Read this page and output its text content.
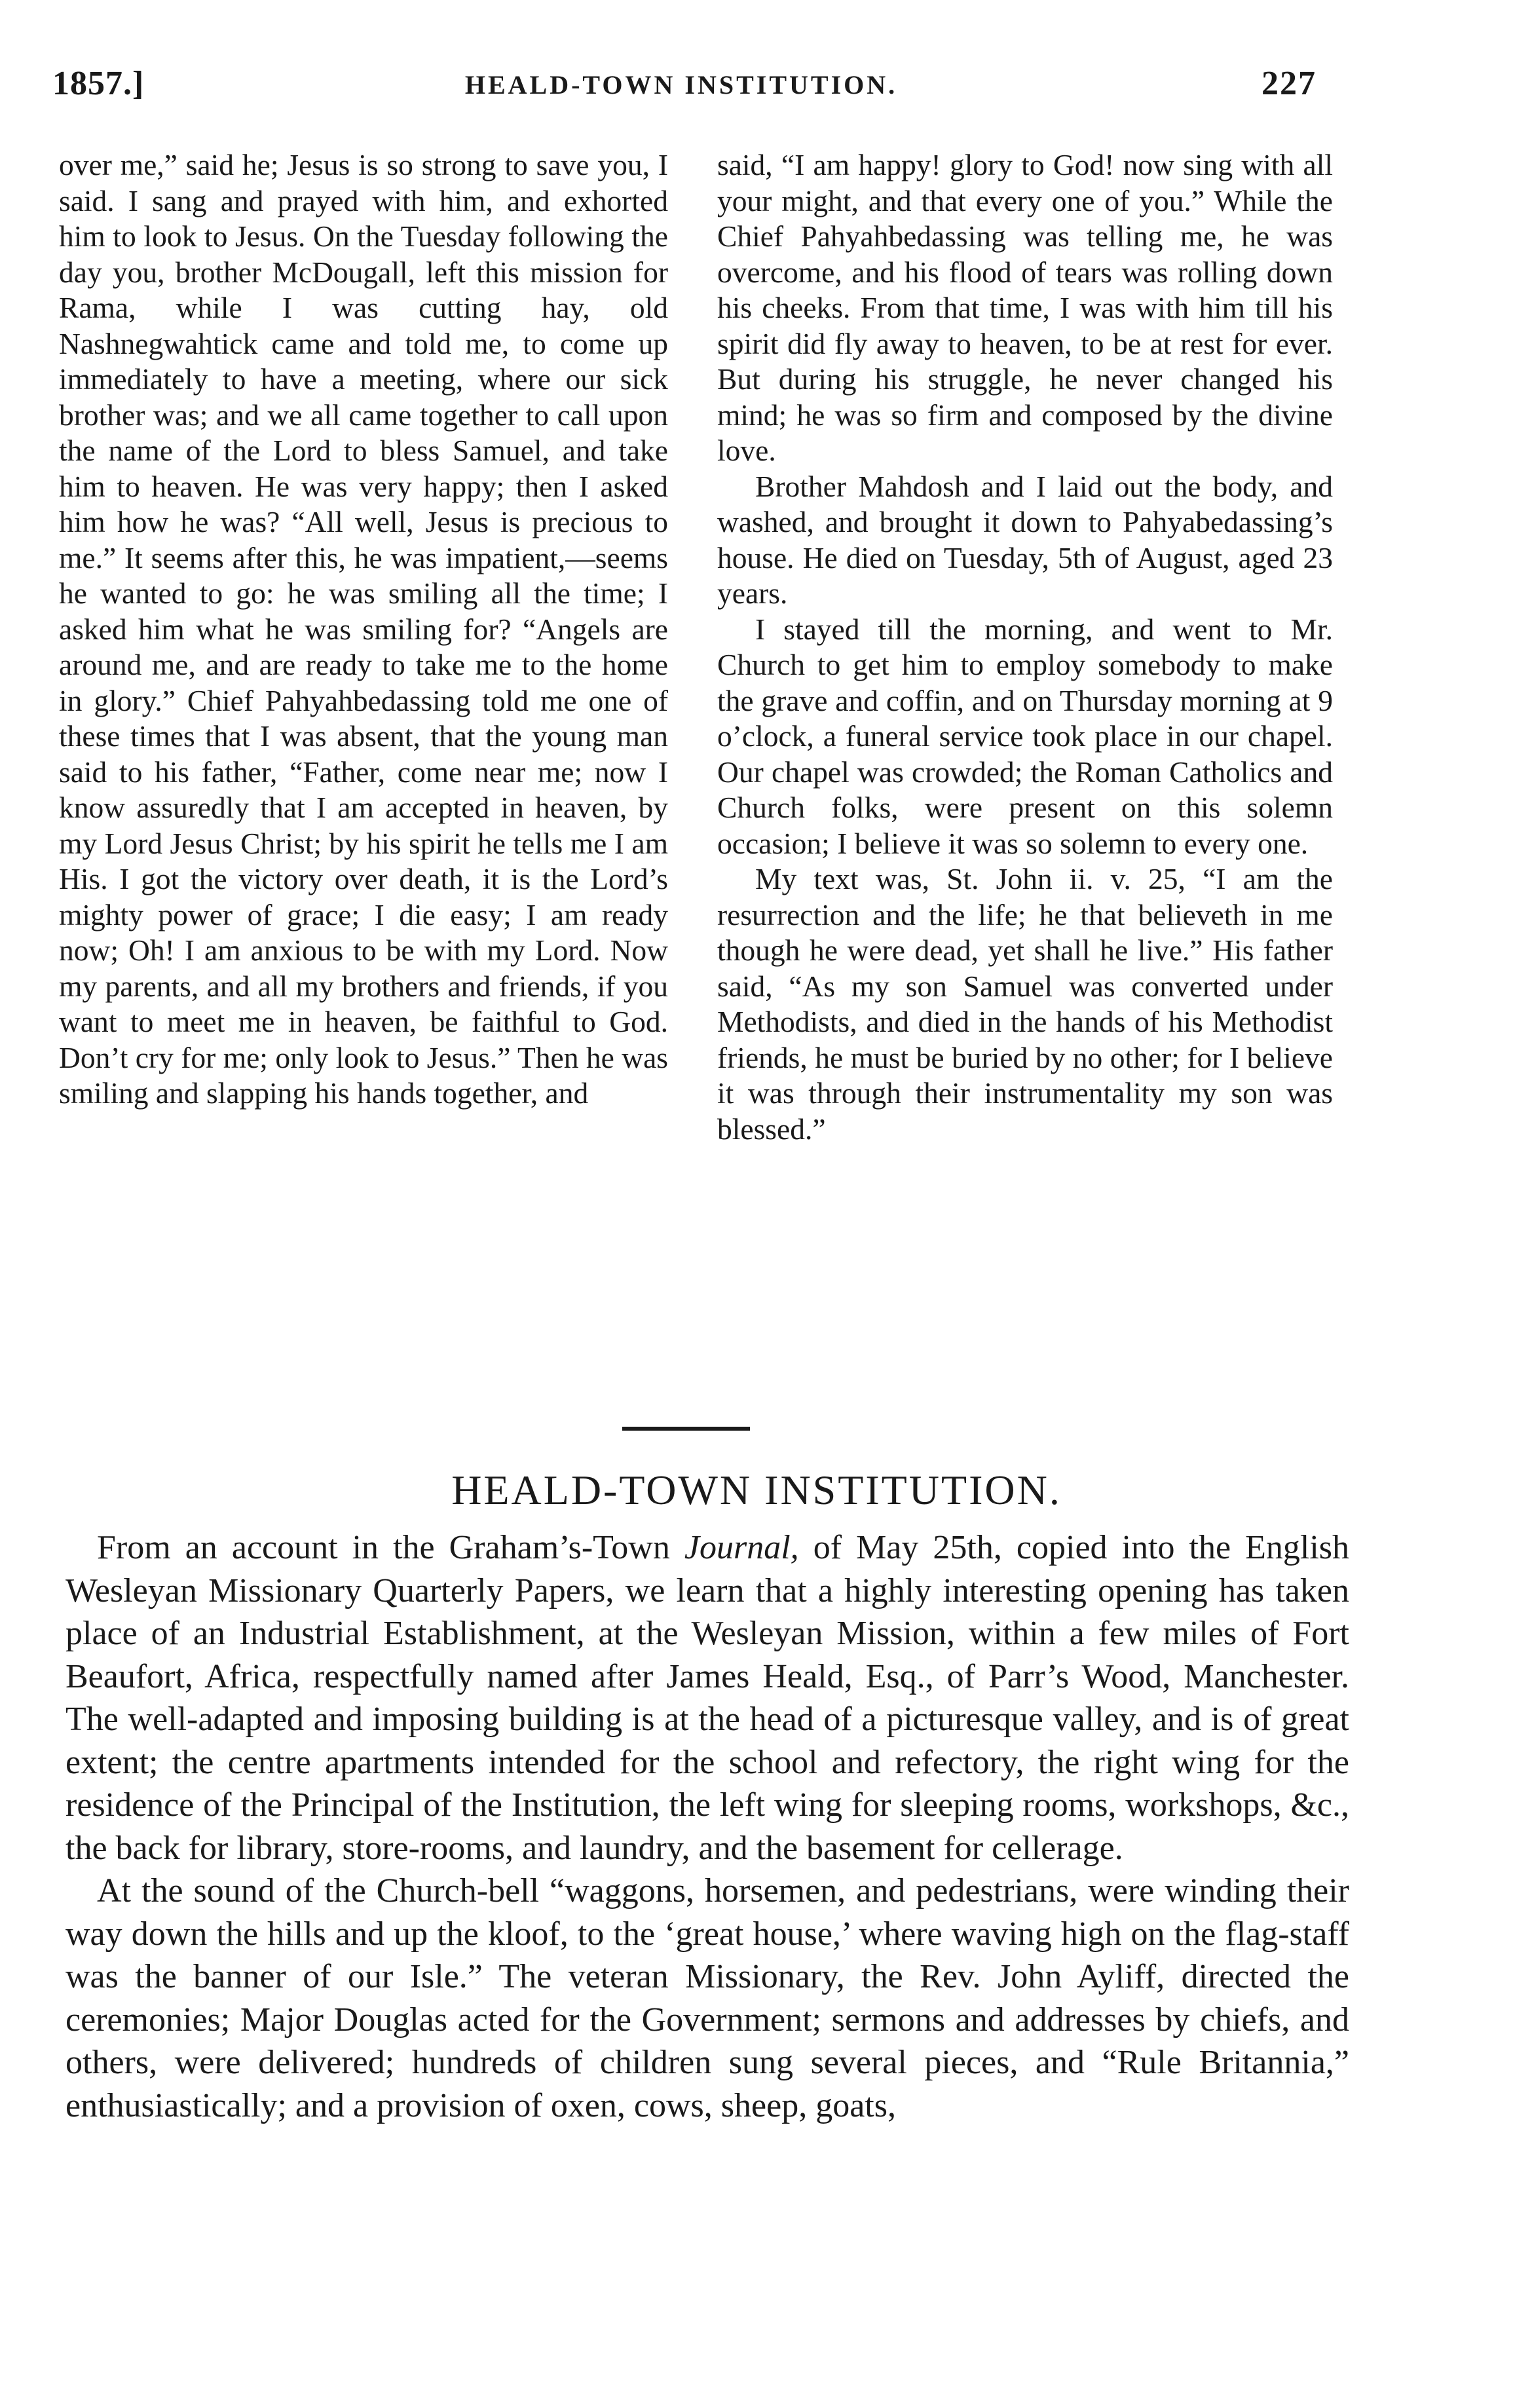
1857.]	HEALD-TOWN INSTITUTION.	227

over me,” said he; Jesus is so strong to save you, I said. I sang and prayed with him, and exhorted him to look to Jesus. On the Tuesday following the day you, brother McDougall, left this mission for Rama, while I was cutting hay, old Nashnegwahtick came and told me, to come up immediately to have a meeting, where our sick brother was; and we all came together to call upon the name of the Lord to bless Samuel, and take him to heaven. He was very happy; then I asked him how he was? “All well, Jesus is precious to me.” It seems after this, he was impatient,—seems he wanted to go: he was smiling all the time; I asked him what he was smiling for? “Angels are around me, and are ready to take me to the home in glory.” Chief Pahyahbedassing told me one of these times that I was absent, that the young man said to his father, “Father, come near me; now I know assuredly that I am accepted in heaven, by my Lord Jesus Christ; by his spirit he tells me I am His. I got the victory over death, it is the Lord’s mighty power of grace; I die easy; I am ready now; Oh! I am anxious to be with my Lord. Now my parents, and all my brothers and friends, if you want to meet me in heaven, be faithful to God. Don’t cry for me; only look to Jesus.” Then he was smiling and slapping his hands together, and

said, “I am happy! glory to God! now sing with all your might, and that every one of you.” While the Chief Pahyahbedassing was telling me, he was overcome, and his flood of tears was rolling down his cheeks. From that time, I was with him till his spirit did fly away to heaven, to be at rest for ever. But during his struggle, he never changed his mind; he was so firm and composed by the divine love.

Brother Mahdosh and I laid out the body, and washed, and brought it down to Pahyabedassing’s house. He died on Tuesday, 5th of August, aged 23 years.

I stayed till the morning, and went to Mr. Church to get him to employ somebody to make the grave and coffin, and on Thursday morning at 9 o’clock, a funeral service took place in our chapel. Our chapel was crowded; the Roman Catholics and Church folks, were present on this solemn occasion; I believe it was so solemn to every one.

My text was, St. John ii. v. 25, “I am the resurrection and the life; he that believeth in me though he were dead, yet shall he live.” His father said, “As my son Samuel was converted under Methodists, and died in the hands of his Methodist friends, he must be buried by no other; for I believe it was through their instrumentality my son was blessed.”

HEALD-TOWN INSTITUTION.

From an account in the Graham’s-Town Journal, of May 25th, copied into the English Wesleyan Missionary Quarterly Papers, we learn that a highly interesting opening has taken place of an Industrial Establishment, at the Wesleyan Mission, within a few miles of Fort Beaufort, Africa, respectfully named after James Heald, Esq., of Parr’s Wood, Manchester. The well-adapted and imposing building is at the head of a picturesque valley, and is of great extent; the centre apartments intended for the school and refectory, the right wing for the residence of the Principal of the Institution, the left wing for sleeping rooms, workshops, &c., the back for library, store-rooms, and laundry, and the basement for cellerage.

At the sound of the Church-bell “waggons, horsemen, and pedestrians, were winding their way down the hills and up the kloof, to the ‘great house,’ where waving high on the flag-staff was the banner of our Isle.” The veteran Missionary, the Rev. John Ayliff, directed the ceremonies; Major Douglas acted for the Government; sermons and addresses by chiefs, and others, were delivered; hundreds of children sung several pieces, and “Rule Britannia,” enthusiastically; and a provision of oxen, cows, sheep, goats,
